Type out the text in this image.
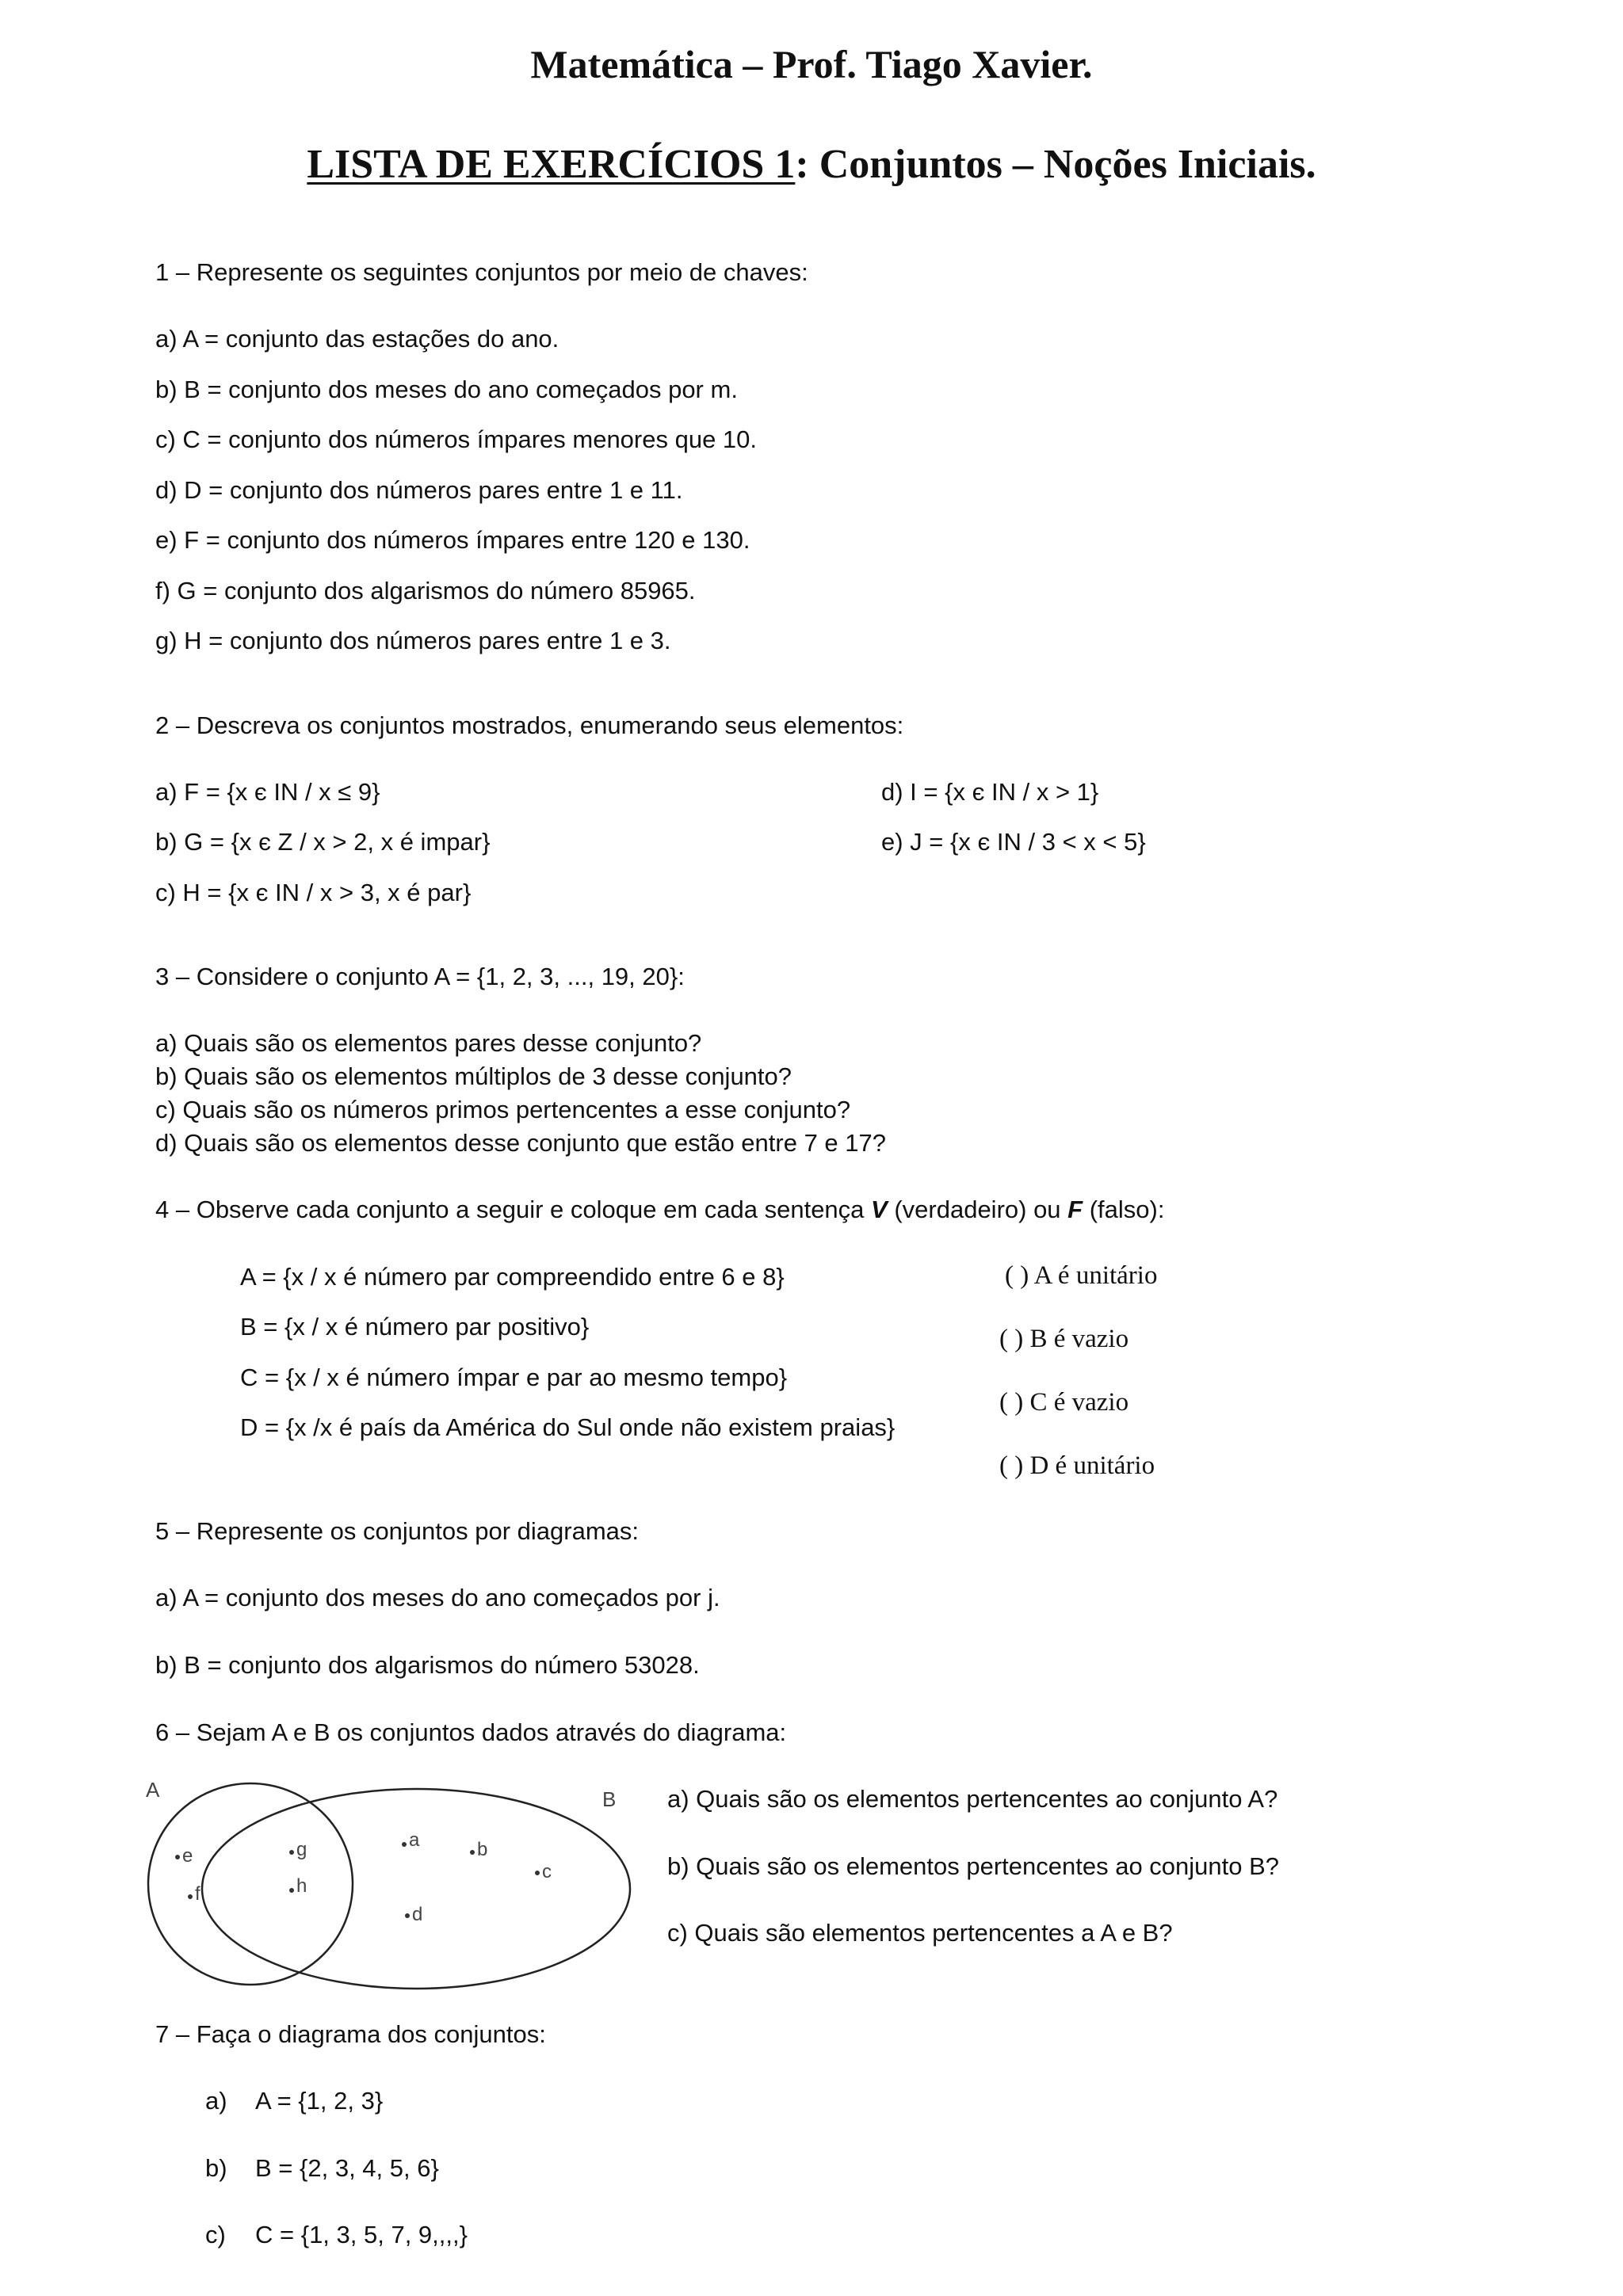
Matemática – Prof. Tiago Xavier.
LISTA DE EXERCÍCIOS 1: Conjuntos – Noções Iniciais.
1 – Represente os seguintes conjuntos por meio de chaves:
a) A = conjunto das estações do ano.
b) B = conjunto dos meses do ano começados por m.
c) C = conjunto dos números ímpares menores que 10.
d) D = conjunto dos números pares entre 1 e 11.
e) F = conjunto dos números ímpares entre 120 e 130.
f) G = conjunto dos algarismos do número 85965.
g) H = conjunto dos números pares entre 1 e 3.
2 – Descreva os conjuntos mostrados, enumerando seus elementos:
a) F = {x є IN / x ≤ 9}
b) G = {x є Z / x > 2, x é impar}
c) H = {x є IN / x > 3, x é par}
d) I = {x є IN / x > 1}
e) J = {x є IN / 3 < x < 5}
3 – Considere o conjunto A = {1, 2, 3, ..., 19, 20}:
a) Quais são os elementos pares desse conjunto?
b) Quais são os elementos múltiplos de 3 desse conjunto?
c) Quais são os números primos pertencentes a esse conjunto?
d) Quais são os elementos desse conjunto que estão entre 7 e 17?
4 – Observe cada conjunto a seguir e coloque em cada sentença V (verdadeiro) ou F (falso):
A = {x / x é número par compreendido entre 6 e 8}
B = {x / x é número par positivo}
C = {x / x é número ímpar e par ao mesmo tempo}
D = {x /x é país da América do Sul onde não existem praias}
( ) A é unitário
( ) B é vazio
( ) C é vazio
( ) D é unitário
5 – Represente os conjuntos por diagramas:
a) A = conjunto dos meses do ano começados por j.
b) B = conjunto dos algarismos do número 53028.
6 – Sejam A e B os conjuntos dados através do diagrama:
A	B
e
f
g
h
a	b
c
d
a) Quais são os elementos pertencentes ao conjunto A?
b) Quais são os elementos pertencentes ao conjunto B?
c) Quais são elementos pertencentes a A e B?
7 – Faça o diagrama dos conjuntos:
a) A = {1, 2, 3}
b) B = {2, 3, 4, 5, 6}
c) C = {1, 3, 5, 7, 9,,,,}
